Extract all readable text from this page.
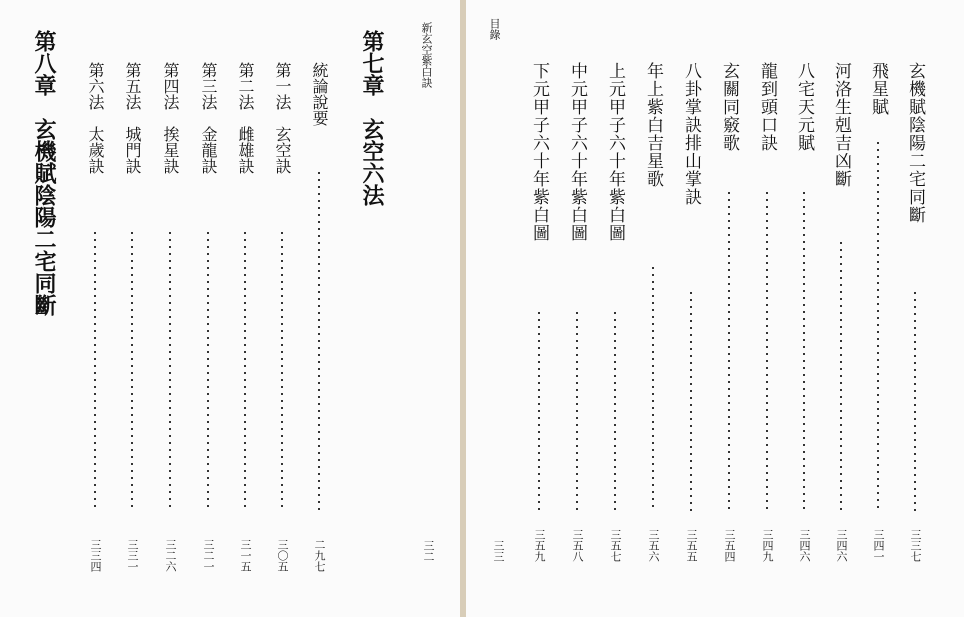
新玄空紫白訣
三二
第七章　玄空六法
統論說要
二九七
第一法　玄空訣
三〇五
第二法　雌雄訣
三一五
第三法　金龍訣
三二一
第四法　挨星訣
三二六
第五法　城門訣
三三一
第六法　太歲訣
三三四
第八章　玄機賦陰陽二宅同斷
目錄
三三
玄機賦陰陽二宅同斷
三三七
飛星賦
三四一
河洛生剋吉凶斷
三四六
八宅天元賦
三四六
龍到頭口訣
三四九
玄關同竅歌
三五四
八卦掌訣排山掌訣
三五五
年上紫白吉星歌
三五六
上元甲子六十年紫白圖
三五七
中元甲子六十年紫白圖
三五八
下元甲子六十年紫白圖
三五九
